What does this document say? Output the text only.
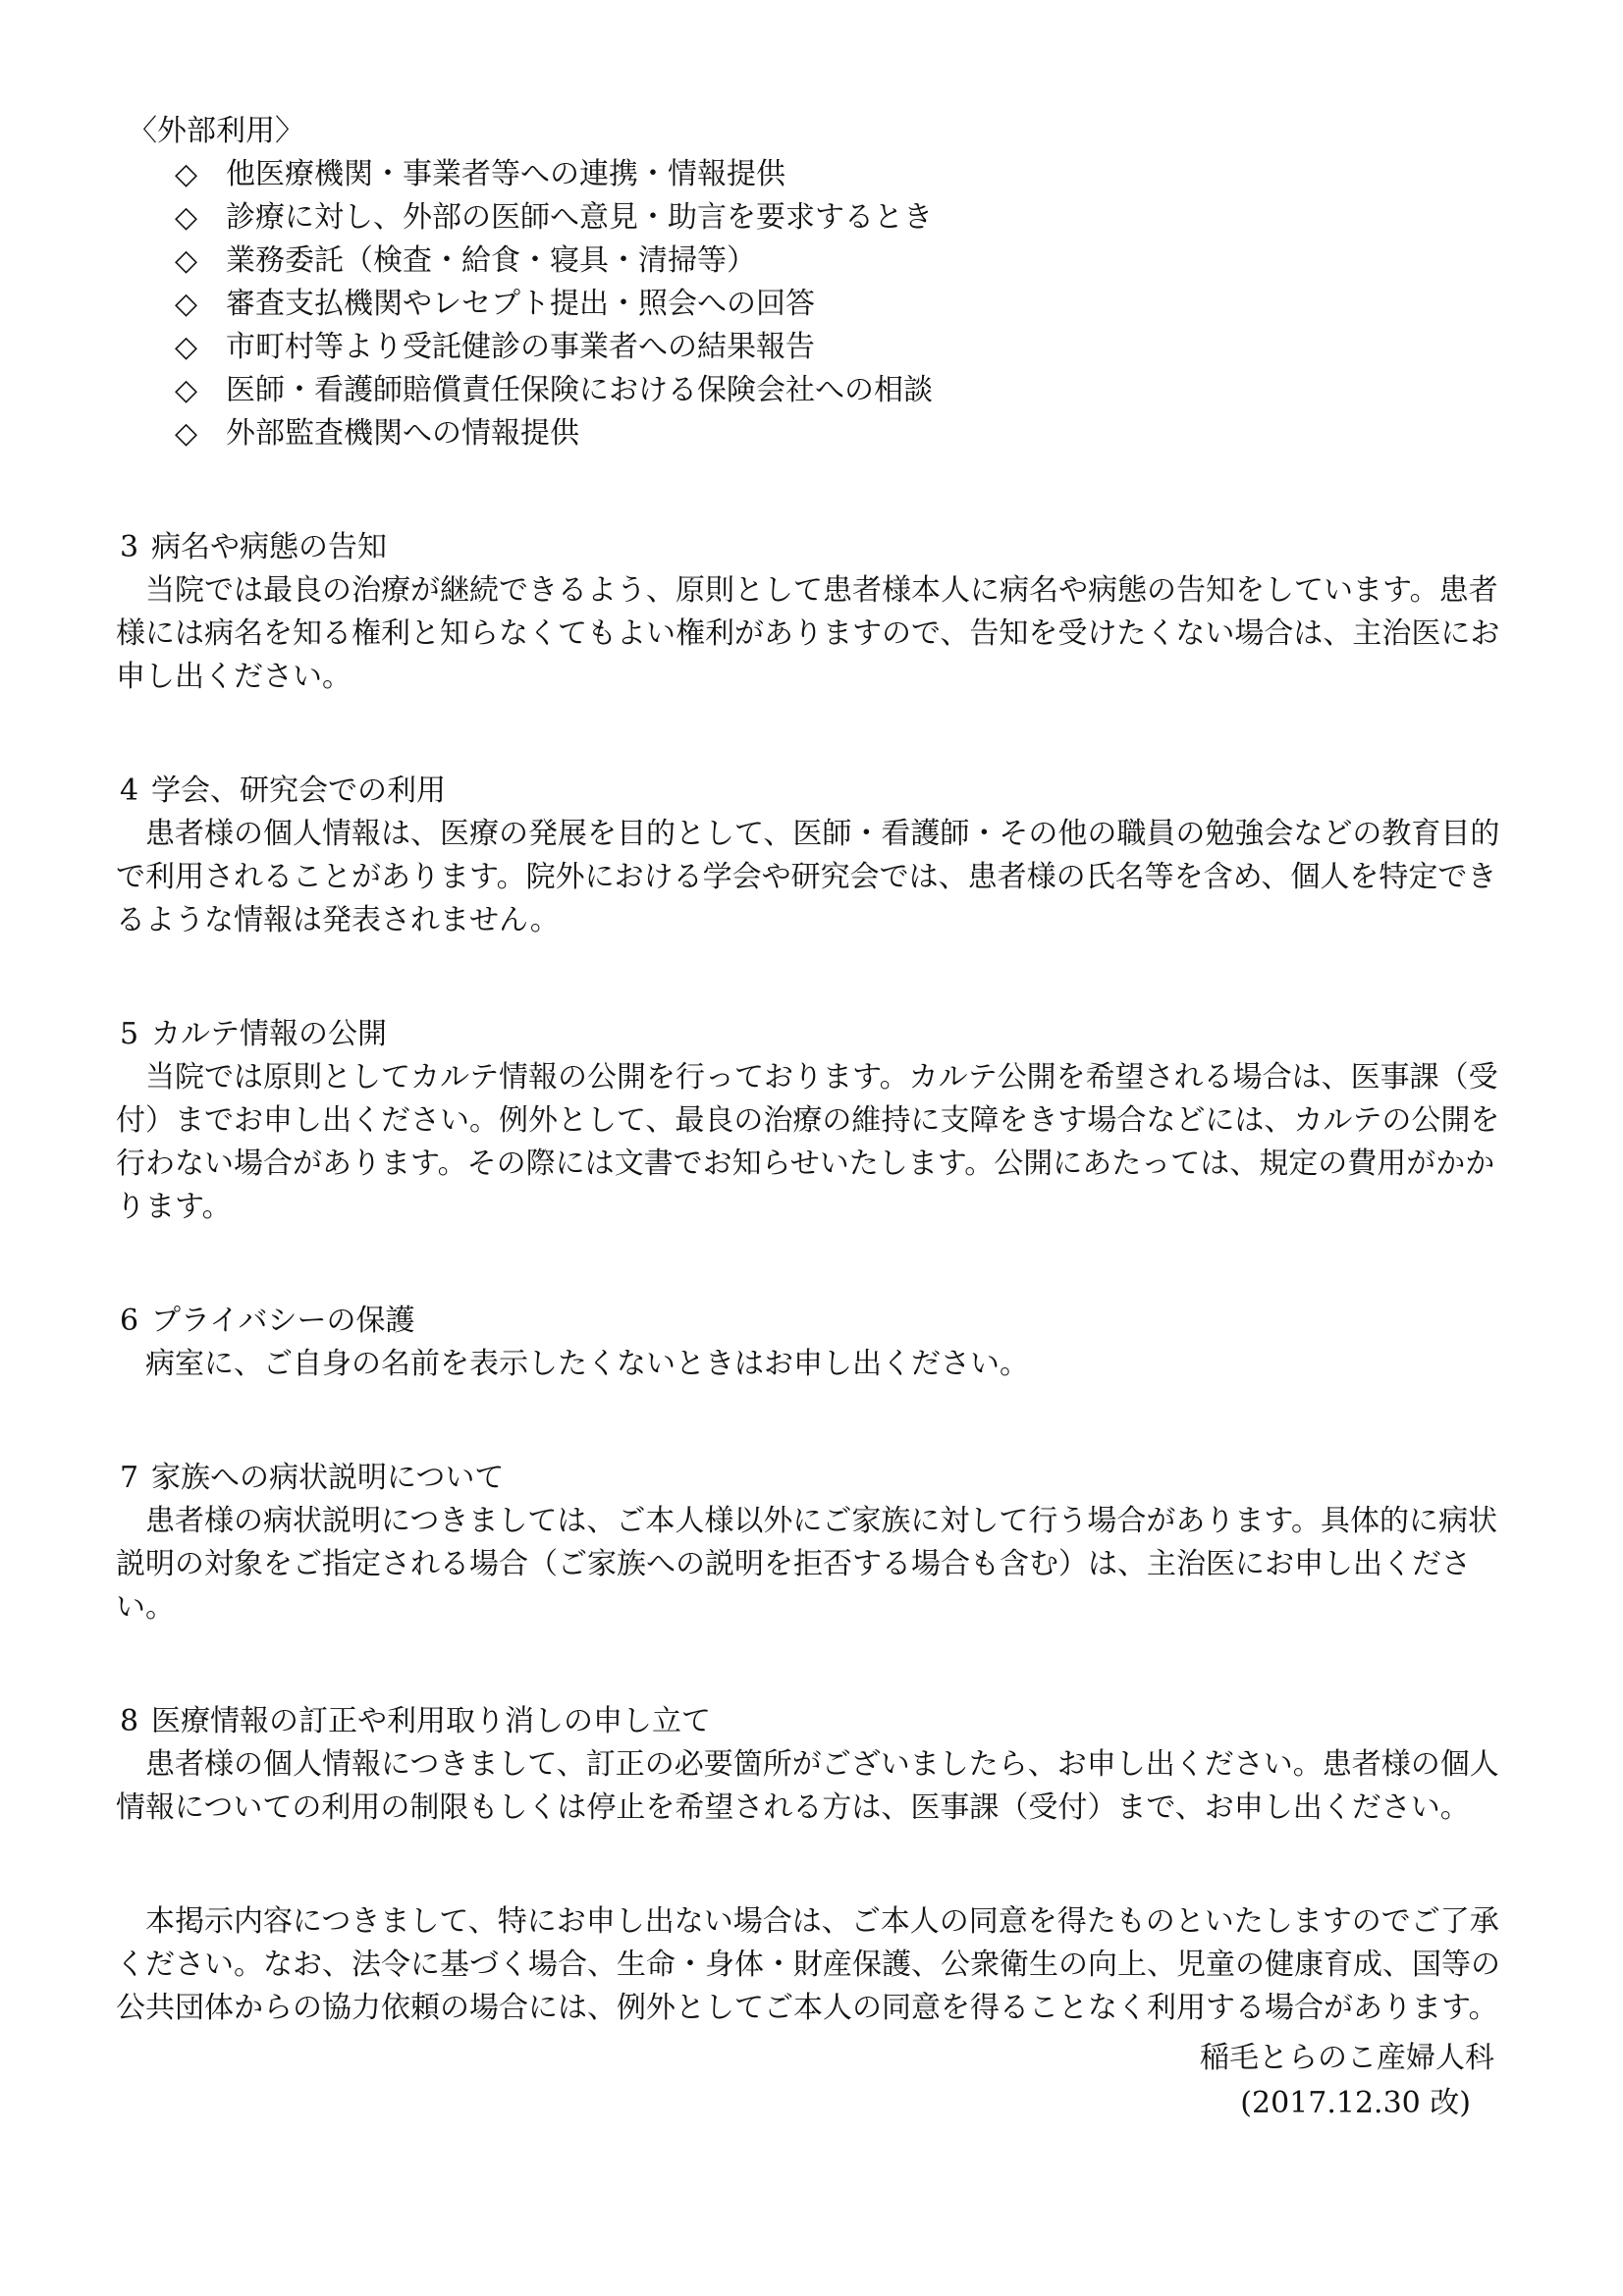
〈外部利用〉
◇ 他医療機関・事業者等への連携・情報提供
◇ 診療に対し、外部の医師へ意見・助言を要求するとき
◇ 業務委託（検査・給食・寝具・清掃等）
◇ 審査支払機関やレセプト提出・照会への回答
◇ 市町村等より受託健診の事業者への結果報告
◇ 医師・看護師賠償責任保険における保険会社への相談
◇ 外部監査機関への情報提供
3 病名や病態の告知

当院では最良の治療が継続できるよう、原則として患者様本人に病名や病態の告知をしています。患者様には病名を知る権利と知らなくてもよい権利がありますので、告知を受けたくない場合は、主治医にお申し出ください。

4 学会、研究会での利用

患者様の個人情報は、医療の発展を目的として、医師・看護師・その他の職員の勉強会などの教育目的で利用されることがあります。院外における学会や研究会では、患者様の氏名等を含め、個人を特定できるような情報は発表されません。

5 カルテ情報の公開

当院では原則としてカルテ情報の公開を行っております。カルテ公開を希望される場合は、医事課（受付）までお申し出ください。例外として、最良の治療の維持に支障をきす場合などには、カルテの公開を行わない場合があります。その際には文書でお知らせいたします。公開にあたっては、規定の費用がかかります。

6 プライバシーの保護

病室に、ご自身の名前を表示したくないときはお申し出ください。

7 家族への病状説明について

患者様の病状説明につきましては、ご本人様以外にご家族に対して行う場合があります。具体的に病状説明の対象をご指定される場合（ご家族への説明を拒否する場合も含む）は、主治医にお申し出ください。

8 医療情報の訂正や利用取り消しの申し立て

患者様の個人情報につきまして、訂正の必要箇所がございましたら、お申し出ください。患者様の個人情報についての利用の制限もしくは停止を希望される方は、医事課（受付）まで、お申し出ください。

本掲示内容につきまして、特にお申し出ない場合は、ご本人の同意を得たものといたしますのでご了承ください。なお、法令に基づく場合、生命・身体・財産保護、公衆衛生の向上、児童の健康育成、国等の公共団体からの協力依頼の場合には、例外としてご本人の同意を得ることなく利用する場合があります。

稲毛とらのこ産婦人科
(2017.12.30 改)
